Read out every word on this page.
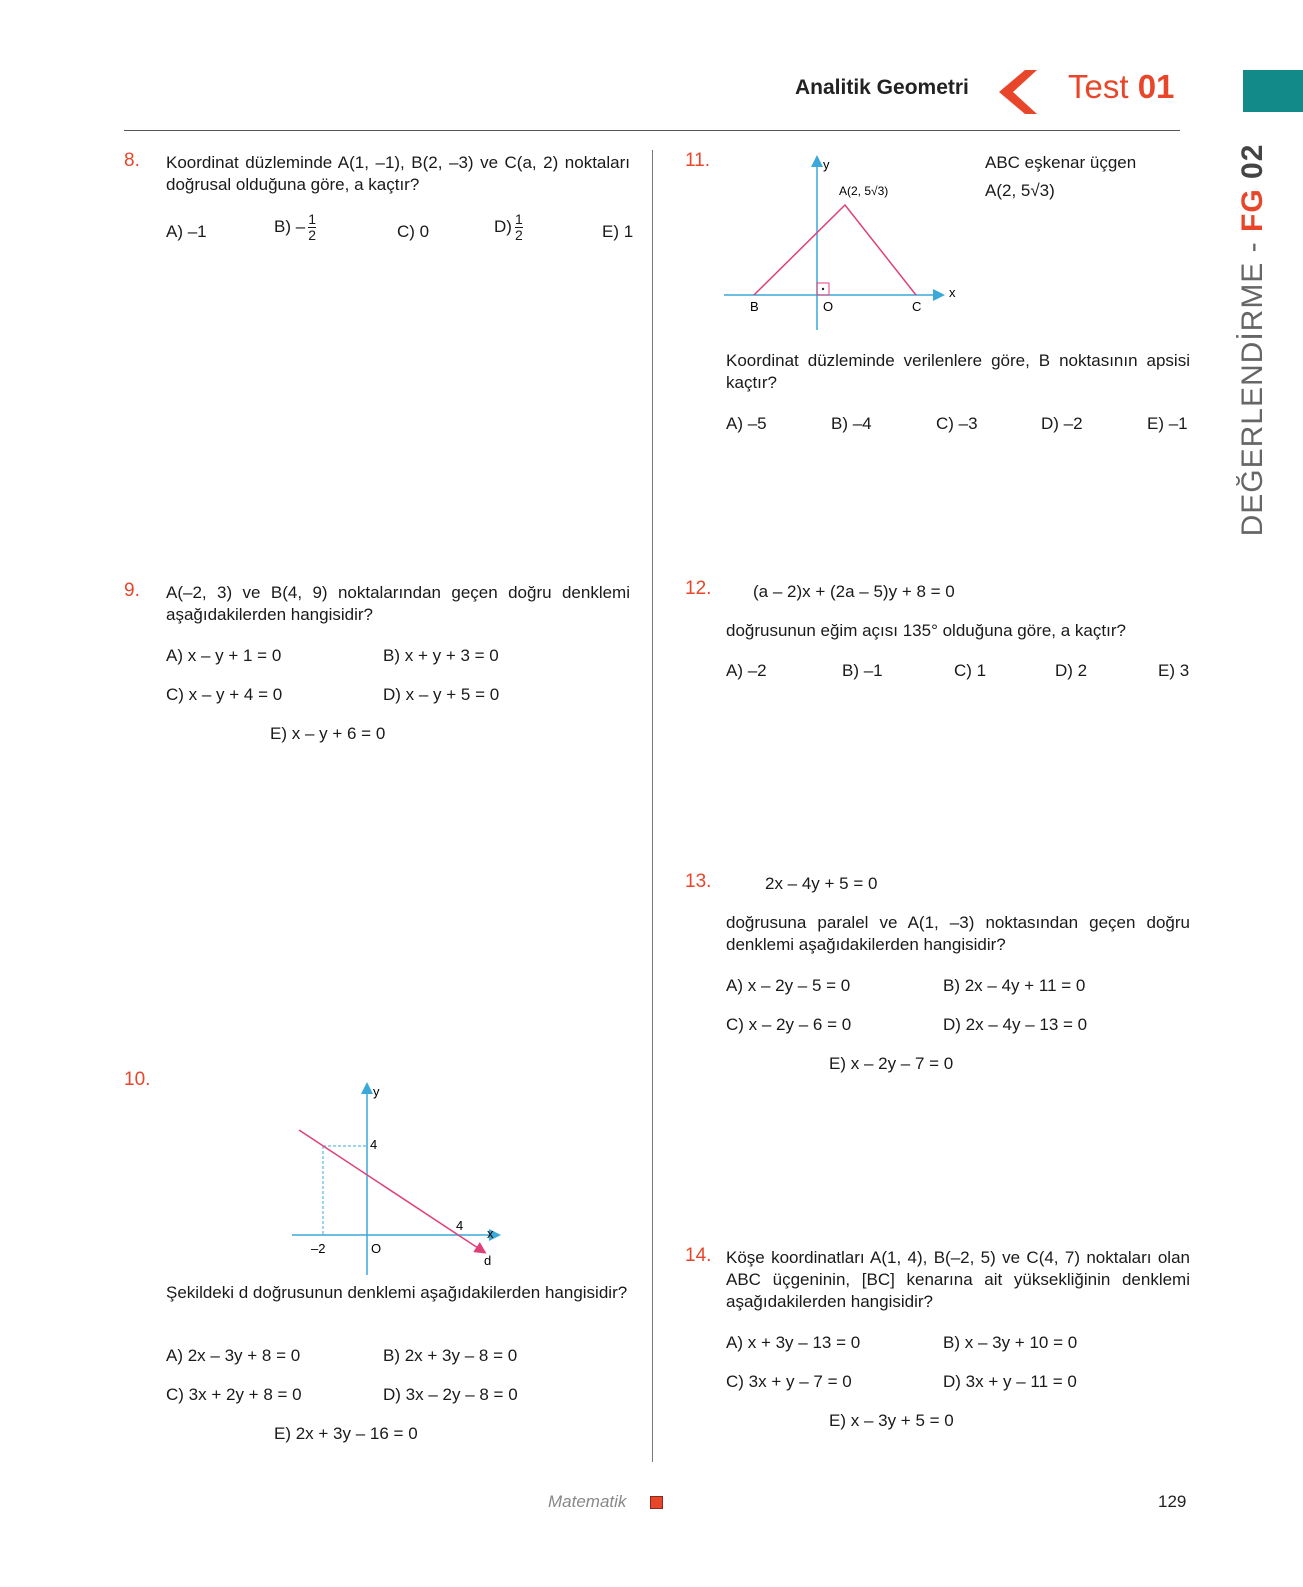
Analitik Geometri	Test 01
DEĞERLENDİRME - FG 02
8. Koordinat düzleminde A(1, –1), B(2, –3) ve C(a, 2) noktaları doğrusal olduğuna göre, a kaçtır?
A) –1	$B) - \frac{1}{2}$	C) 0	$D) \frac{1}{2}$	E) 1
9. A(–2, 3) ve B(4, 9) noktalarından geçen doğru denklemi aşağıdakilerden hangisidir?
A) x – y + 1 = 0	B) x + y + 3 = 0
C) x – y + 4 = 0	D) x – y + 5 = 0
E) x – y + 6 = 0
10.
y
x
4
4
–2	O
d
Şekildeki d doğrusunun denklemi aşağıdakilerden hangisidir?
A) 2x – 3y + 8 = 0	B) 2x + 3y – 8 = 0
C) 3x + 2y + 8 = 0	D) 3x – 2y – 8 = 0
E) 2x + 3y – 16 = 0
11.	y
x
A(2, 5√3)
B	O	C
ABC eşkenar üçgen
A(2, 5√3)
Koordinat düzleminde verilenlere göre, B noktasının apsisi kaçtır?
A) –5	B) –4	C) –3	D) –2	E) –1
12. (a – 2)x + (2a – 5)y + 8 = 0
doğrusunun eğim açısı 135° olduğuna göre, a kaçtır?
A) –2	B) –1	C) 1	D) 2	E) 3
13.	2x – 4y + 5 = 0
doğrusuna paralel ve A(1, –3) noktasından geçen doğru denklemi aşağıdakilerden hangisidir?
A) x – 2y – 5 = 0	B) 2x – 4y + 11 = 0
C) x – 2y – 6 = 0	D) 2x – 4y – 13 = 0
E) x – 2y – 7 = 0
14. Köşe koordinatları A(1, 4), B(–2, 5) ve C(4, 7) noktaları olan ABC üçgeninin, [BC] kenarına ait yüksekliğinin denklemi aşağıdakilerden hangisidir?
A) x + 3y – 13 = 0	B) x – 3y + 10 = 0
C) 3x + y – 7 = 0	D) 3x + y – 11 = 0
E) x – 3y + 5 = 0
Matematik	129
